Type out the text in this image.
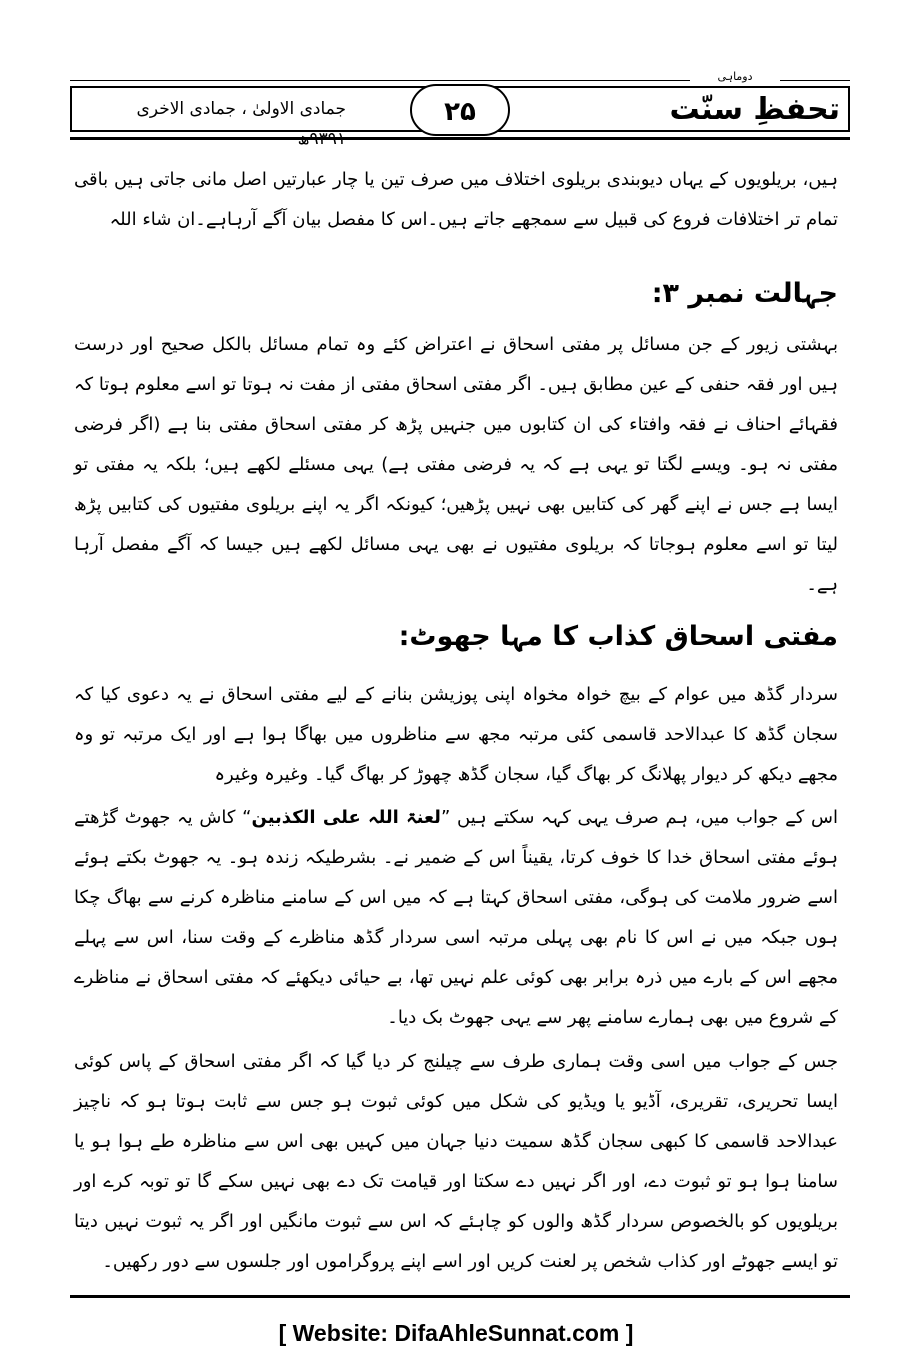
جمادی الاولیٰ ، جمادی الاخری ۹۳۹۱ھ
۲۵
دوماہی
تحفظِ سنّت
ہیں، بریلویوں کے یہاں دیوبندی بریلوی اختلاف میں صرف تین یا چار عبارتیں اصل مانی جاتی ہیں باقی تمام تر اختلافات فروع کی قبیل سے سمجھے جاتے ہیں۔اس کا مفصل بیان آگے آرہاہے۔ان شاء اللہ
جہالت نمبر ۳:
بہشتی زیور کے جن مسائل پر مفتی اسحاق نے اعتراض کئے وہ تمام مسائل بالکل صحیح اور درست ہیں اور فقہ حنفی کے عین مطابق ہیں۔ اگر مفتی اسحاق مفتی از مفت نہ ہوتا تو اسے معلوم ہوتا کہ فقہائے احناف نے فقہ وافتاء کی ان کتابوں میں جنہیں پڑھ کر مفتی اسحاق مفتی بنا ہے (اگر فرضی مفتی نہ ہو۔ ویسے لگتا تو یہی ہے کہ یہ فرضی مفتی ہے) یہی مسئلے لکھے ہیں؛ بلکہ یہ مفتی تو ایسا ہے جس نے اپنے گھر کی کتابیں بھی نہیں پڑھیں؛ کیونکہ اگر یہ اپنے بریلوی مفتیوں کی کتابیں پڑھ لیتا تو اسے معلوم ہوجاتا کہ بریلوی مفتیوں نے بھی یہی مسائل لکھے ہیں جیسا کہ آگے مفصل آرہا ہے۔
مفتی اسحاق کذاب کا مہا جھوٹ:
سردار گڈھ میں عوام کے بیچ خواہ مخواہ اپنی پوزیشن بنانے کے لیے مفتی اسحاق نے یہ دعوی کیا کہ سجان گڈھ کا عبدالاحد قاسمی کئی مرتبہ مجھ سے مناظروں میں بھاگا ہوا ہے اور ایک مرتبہ تو وہ مجھے دیکھ کر دیوار پھلانگ کر بھاگ گیا، سجان گڈھ چھوڑ کر بھاگ گیا۔ وغیرہ وغیرہ
اس کے جواب میں، ہم صرف یہی کہہ سکتے ہیں ”لعنۃ اللہ علی الکذبین“ کاش یہ جھوٹ گڑھتے ہوئے مفتی اسحاق خدا کا خوف کرتا، یقیناً اس کے ضمیر نے۔ بشرطیکہ زندہ ہو۔ یہ جھوٹ بکتے ہوئے اسے ضرور ملامت کی ہوگی، مفتی اسحاق کہتا ہے کہ میں اس کے سامنے مناظرہ کرنے سے بھاگ چکا ہوں جبکہ میں نے اس کا نام بھی پہلی مرتبہ اسی سردار گڈھ مناظرے کے وقت سنا، اس سے پہلے مجھے اس کے بارے میں ذرہ برابر بھی کوئی علم نہیں تھا، بے حیائی دیکھئے کہ مفتی اسحاق نے مناظرے کے شروع میں بھی ہمارے سامنے پھر سے یہی جھوٹ بک دیا۔
جس کے جواب میں اسی وقت ہماری طرف سے چیلنج کر دیا گیا کہ اگر مفتی اسحاق کے پاس کوئی ایسا تحریری، تقریری، آڈیو یا ویڈیو کی شکل میں کوئی ثبوت ہو جس سے ثابت ہوتا ہو کہ ناچیز عبدالاحد قاسمی کا کبھی سجان گڈھ سمیت دنیا جہان میں کہیں بھی اس سے مناظرہ طے ہوا ہو یا سامنا ہوا ہو تو ثبوت دے، اور اگر نہیں دے سکتا اور قیامت تک دے بھی نہیں سکے گا تو توبہ کرے اور بریلویوں کو بالخصوص سردار گڈھ والوں کو چاہئے کہ اس سے ثبوت مانگیں اور اگر یہ ثبوت نہیں دیتا تو ایسے جھوٹے اور کذاب شخص پر لعنت کریں اور اسے اپنے پروگراموں اور جلسوں سے دور رکھیں۔
[ Website: DifaAhleSunnat.com ]
